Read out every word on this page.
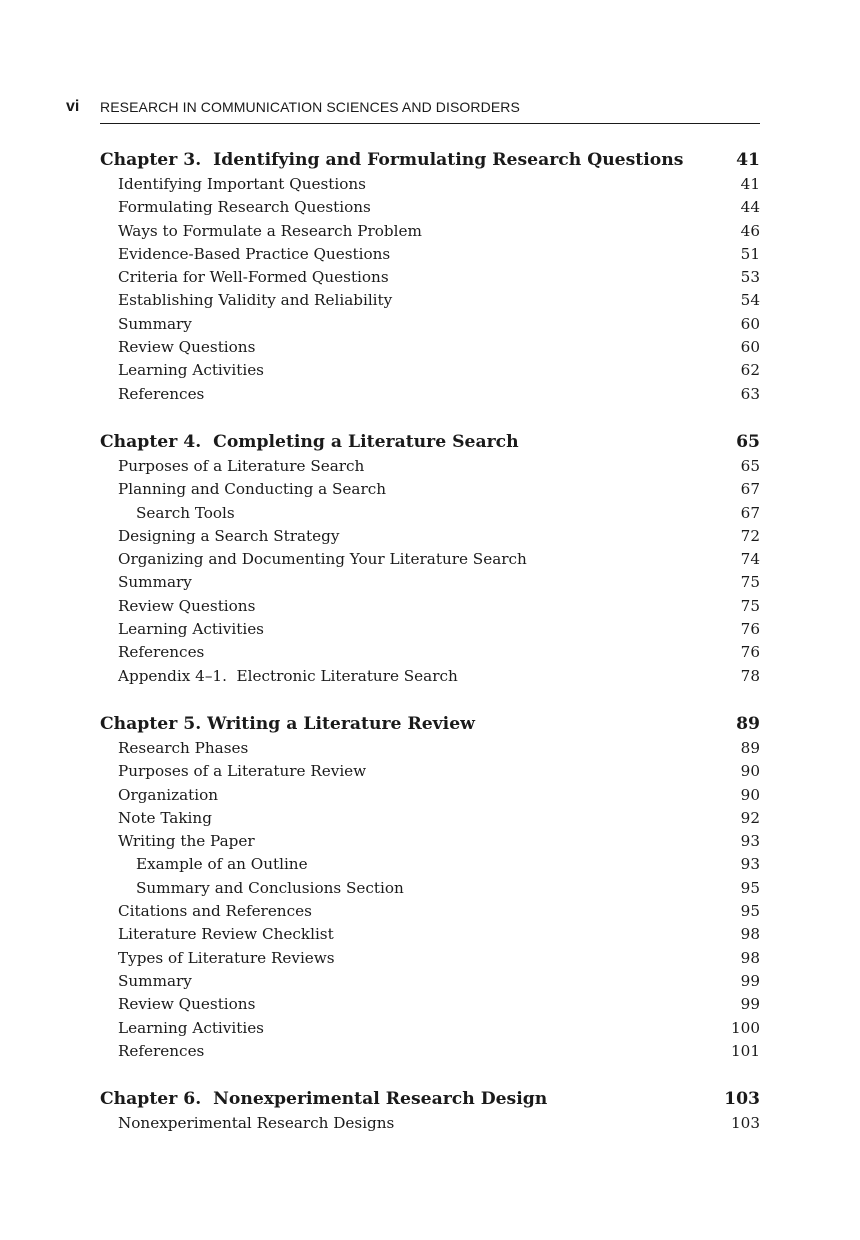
vi RESEARCH IN COMMUNICATION SCIENCES AND DISORDERS
Chapter 3.  Identifying and Formulating Research Questions	41
Identifying Important Questions	41
Formulating Research Questions	44
Ways to Formulate a Research Problem	46
Evidence-Based Practice Questions	51
Criteria for Well-Formed Questions	53
Establishing Validity and Reliability	54
Summary	60
Review Questions	60
Learning Activities	62
References	63
Chapter 4.  Completing a Literature Search	65
Purposes of a Literature Search	65
Planning and Conducting a Search	67
Search Tools	67
Designing a Search Strategy	72
Organizing and Documenting Your Literature Search	74
Summary	75
Review Questions	75
Learning Activities	76
References	76
Appendix 4–1.  Electronic Literature Search	78
Chapter 5. Writing a Literature Review	89
Research Phases	89
Purposes of a Literature Review	90
Organization	90
Note Taking	92
Writing the Paper	93
Example of an Outline	93
Summary and Conclusions Section	95
Citations and References	95
Literature Review Checklist	98
Types of Literature Reviews	98
Summary	99
Review Questions	99
Learning Activities	100
References	101
Chapter 6.  Nonexperimental Research Design	103
Nonexperimental Research Designs	103
